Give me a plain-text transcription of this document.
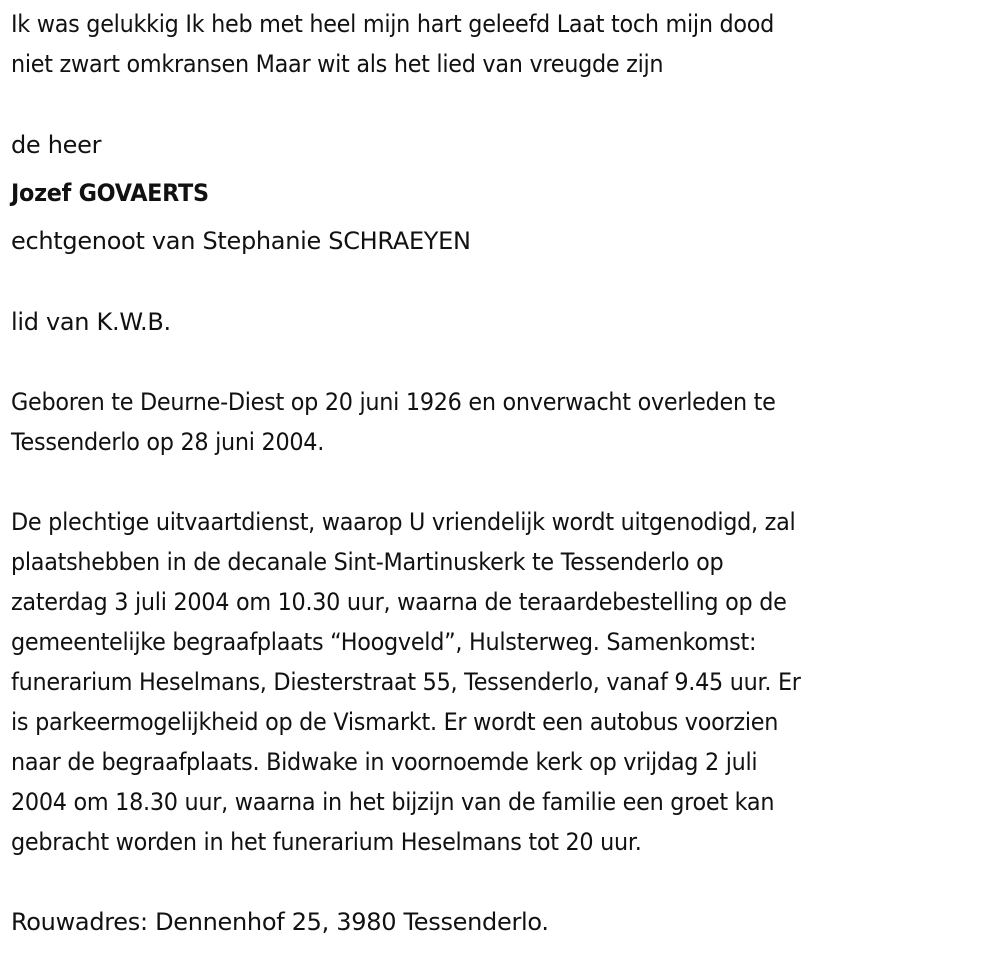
Ik was gelukkig Ik heb met heel mijn hart geleefd Laat toch mijn dood
niet zwart omkransen Maar wit als het lied van vreugde zijn
de heer
Jozef GOVAERTS
echtgenoot van Stephanie SCHRAEYEN
lid van K.W.B.
Geboren te Deurne-Diest op 20 juni 1926 en onverwacht overleden te
Tessenderlo op 28 juni 2004.
De plechtige uitvaartdienst, waarop U vriendelijk wordt uitgenodigd, zal
plaatshebben in de decanale Sint-Martinuskerk te Tessenderlo op
zaterdag 3 juli 2004 om 10.30 uur, waarna de teraardebestelling op de
gemeentelijke begraafplaats “Hoogveld”, Hulsterweg. Samenkomst:
funerarium Heselmans, Diesterstraat 55, Tessenderlo, vanaf 9.45 uur. Er
is parkeermogelijkheid op de Vismarkt. Er wordt een autobus voorzien
naar de begraafplaats. Bidwake in voornoemde kerk op vrijdag 2 juli
2004 om 18.30 uur, waarna in het bijzijn van de familie een groet kan
gebracht worden in het funerarium Heselmans tot 20 uur.
Rouwadres: Dennenhof 25, 3980 Tessenderlo.
